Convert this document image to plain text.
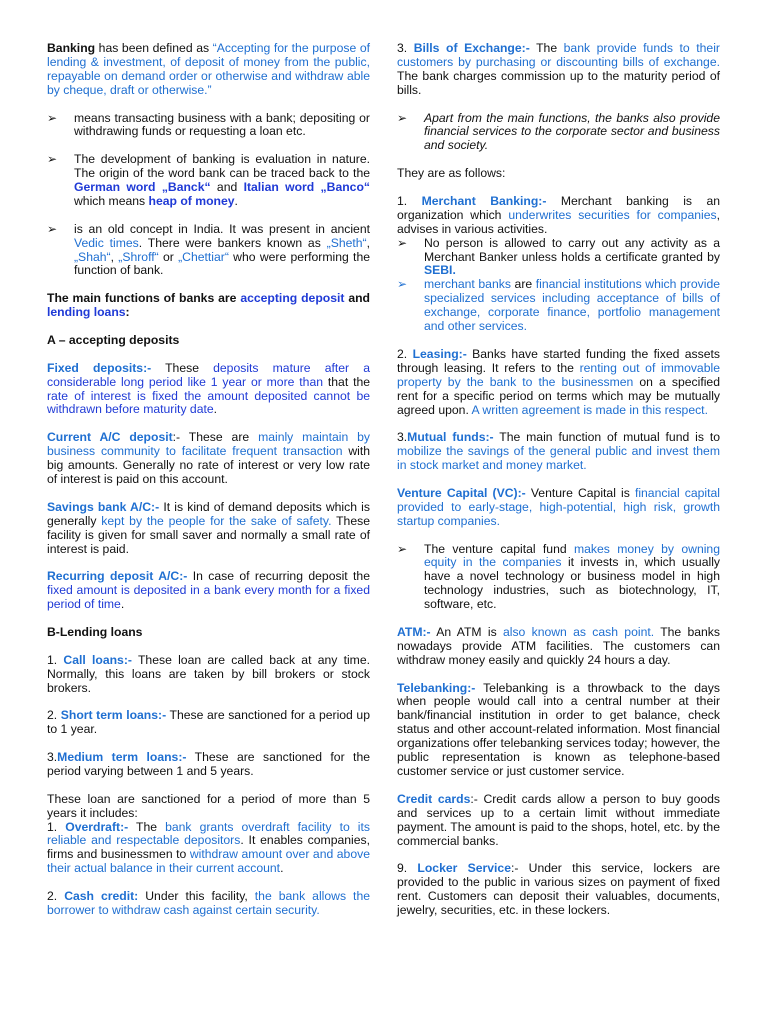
Banking has been defined as “Accepting for the purpose of lending & investment, of deposit of money from the public, repayable on demand order or otherwise and withdraw able by cheque, draft or otherwise.”

➢	means transacting business with a bank; depositing or withdrawing funds or requesting a loan etc.
➢	The development of banking is evaluation in nature. The origin of the word bank can be traced back to the German word „Banck“ and Italian word „Banco“ which means heap of money.
➢	is an old concept in India. It was present in ancient Vedic times. There were bankers known as „Sheth“, „Shah“, „Shroff“ or „Chettiar“ who were performing the function of bank.

The main functions of banks are accepting deposit and lending loans:

A – accepting deposits

Fixed deposits:- These deposits mature after a considerable long period like 1 year or more than that the rate of interest is fixed the amount deposited cannot be withdrawn before maturity date.

Current A/C deposit:- These are mainly maintain by business community to facilitate frequent transaction with big amounts. Generally no rate of interest or very low rate of interest is paid on this account.

Savings bank A/C:- It is kind of demand deposits which is generally kept by the people for the sake of safety. These facility is given for small saver and normally a small rate of interest is paid.

Recurring deposit A/C:- In case of recurring deposit the fixed amount is deposited in a bank every month for a fixed period of time.

B-Lending loans

1. Call loans:- These loan are called back at any time. Normally, this loans are taken by bill brokers or stock brokers.

2. Short term loans:- These are sanctioned for a period up to 1 year.

3.Medium term loans:- These are sanctioned for the period varying between 1 and 5 years.

These loan are sanctioned for a period of more than 5 years it includes:

1. Overdraft:- The bank grants overdraft facility to its reliable and respectable depositors. It enables companies, firms and businessmen to withdraw amount over and above their actual balance in their current account.

2. Cash credit: Under this facility, the bank allows the borrower to withdraw cash against certain security.

3. Bills of Exchange:- The bank provide funds to their customers by purchasing or discounting bills of exchange. The bank charges commission up to the maturity period of bills.

➢	Apart from the main functions, the banks also provide financial services to the corporate sector and business and society.

They are as follows:

1. Merchant Banking:- Merchant banking is an organization which underwrites securities for companies, advises in various activities.

➢	No person is allowed to carry out any activity as a Merchant Banker unless holds a certificate granted by SEBI.
➢	merchant banks are financial institutions which provide specialized services including acceptance of bills of exchange, corporate finance, portfolio management and other services.

2. Leasing:- Banks have started funding the fixed assets through leasing. It refers to the renting out of immovable property by the bank to the businessmen on a specified rent for a specific period on terms which may be mutually agreed upon. A written agreement is made in this respect.

3.Mutual funds:- The main function of mutual fund is to mobilize the savings of the general public and invest them in stock market and money market.

Venture Capital (VC):- Venture Capital is financial capital provided to early-stage, high-potential, high risk, growth startup companies.

➢	The venture capital fund makes money by owning equity in the companies it invests in, which usually have a novel technology or business model in high technology industries, such as biotechnology, IT, software, etc.

ATM:- An ATM is also known as cash point. The banks nowadays provide ATM facilities. The customers can withdraw money easily and quickly 24 hours a day.

Telebanking:- Telebanking is a throwback to the days when people would call into a central number at their bank/financial institution in order to get balance, check status and other account-related information. Most financial organizations offer telebanking services today; however, the public representation is known as telephone-based customer service or just customer service.

Credit cards:- Credit cards allow a person to buy goods and services up to a certain limit without immediate payment. The amount is paid to the shops, hotel, etc. by the commercial banks.

9. Locker Service:- Under this service, lockers are provided to the public in various sizes on payment of fixed rent. Customers can deposit their valuables, documents, jewelry, securities, etc. in these lockers.
